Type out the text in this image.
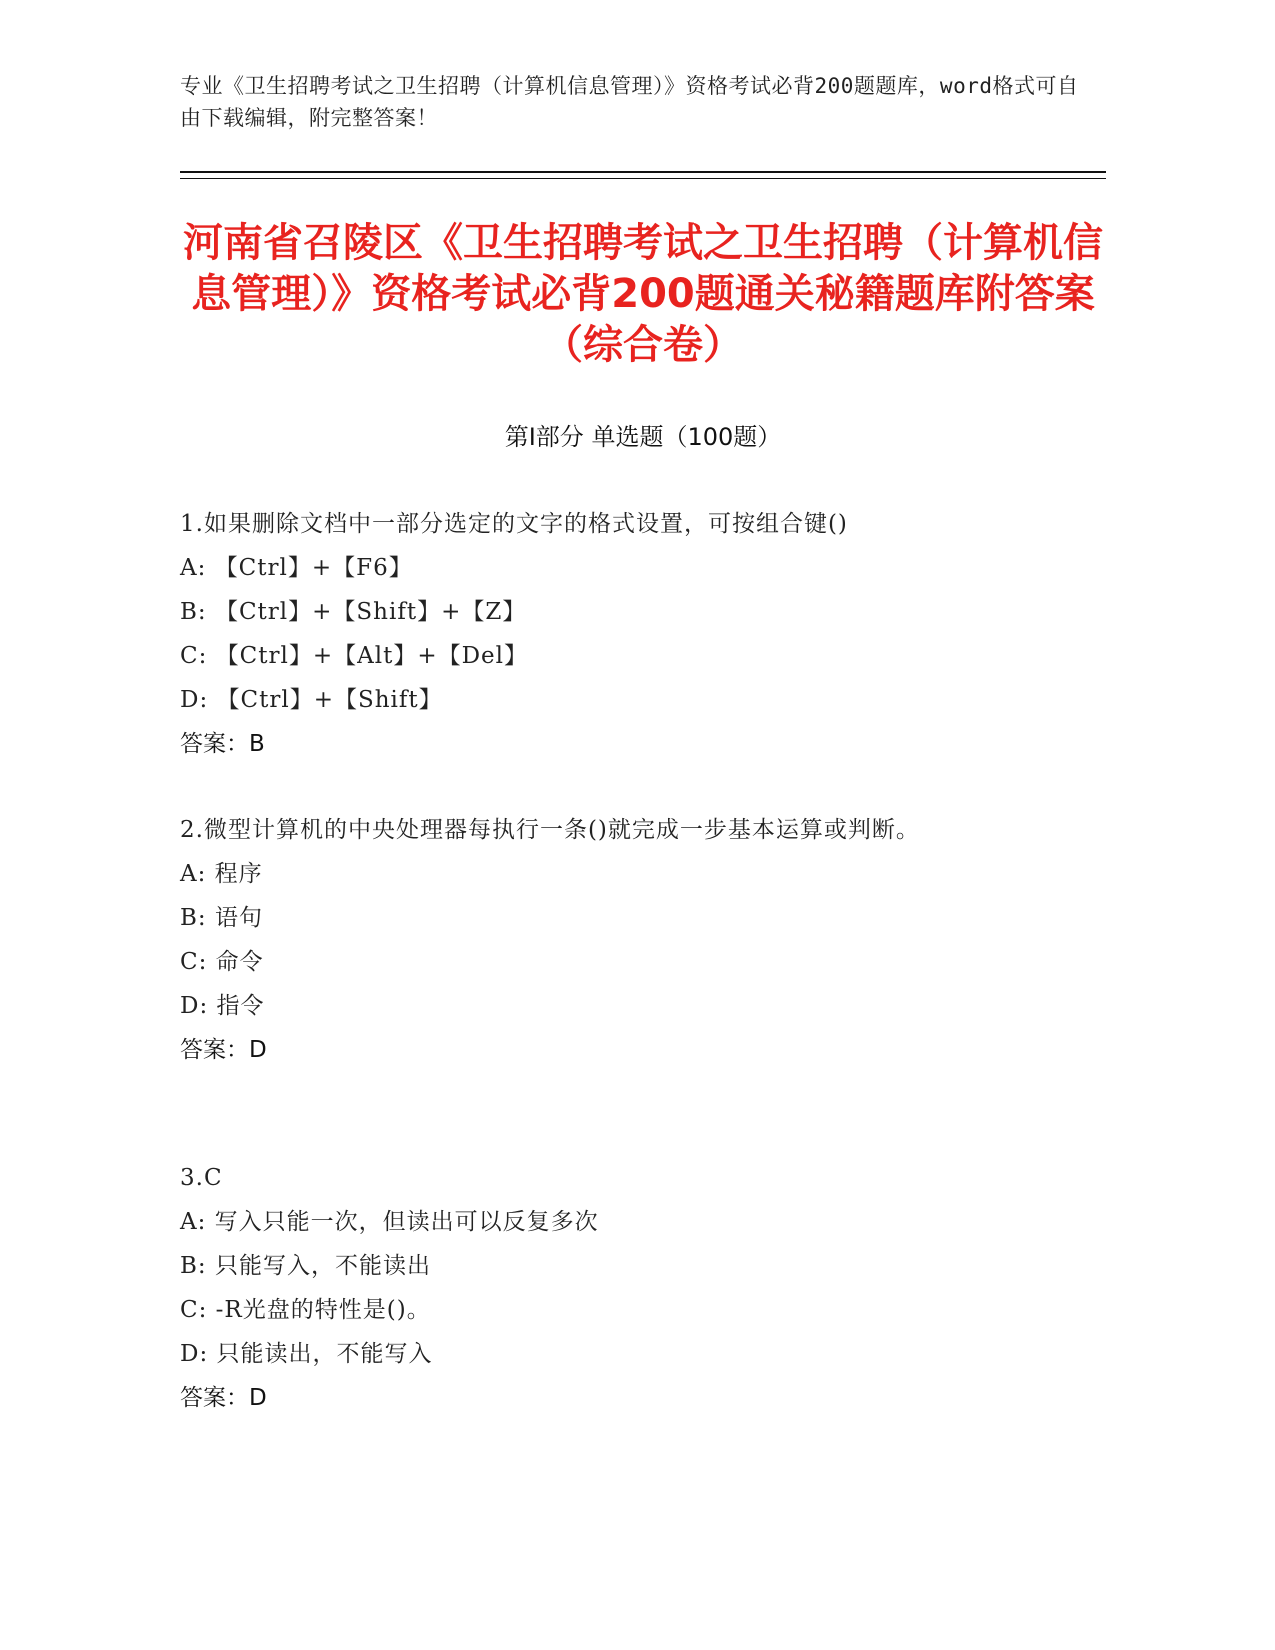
专业《卫生招聘考试之卫生招聘（计算机信息管理）》资格考试必背200题题库，word格式可自由下载编辑，附完整答案！
河南省召陵区《卫生招聘考试之卫生招聘（计算机信息管理）》资格考试必背200题通关秘籍题库附答案（综合卷）
第I部分 单选题（100题）
1.如果删除文档中一部分选定的文字的格式设置，可按组合键()
A: 【Ctrl】+【F6】
B: 【Ctrl】+【Shift】+【Z】
C: 【Ctrl】+【Alt】+【Del】
D: 【Ctrl】+【Shift】
答案：B
2.微型计算机的中央处理器每执行一条()就完成一步基本运算或判断。
A: 程序
B: 语句
C: 命令
D: 指令
答案：D
3.C
A: 写入只能一次，但读出可以反复多次
B: 只能写入，不能读出
C: -R光盘的特性是()。
D: 只能读出，不能写入
答案：D
